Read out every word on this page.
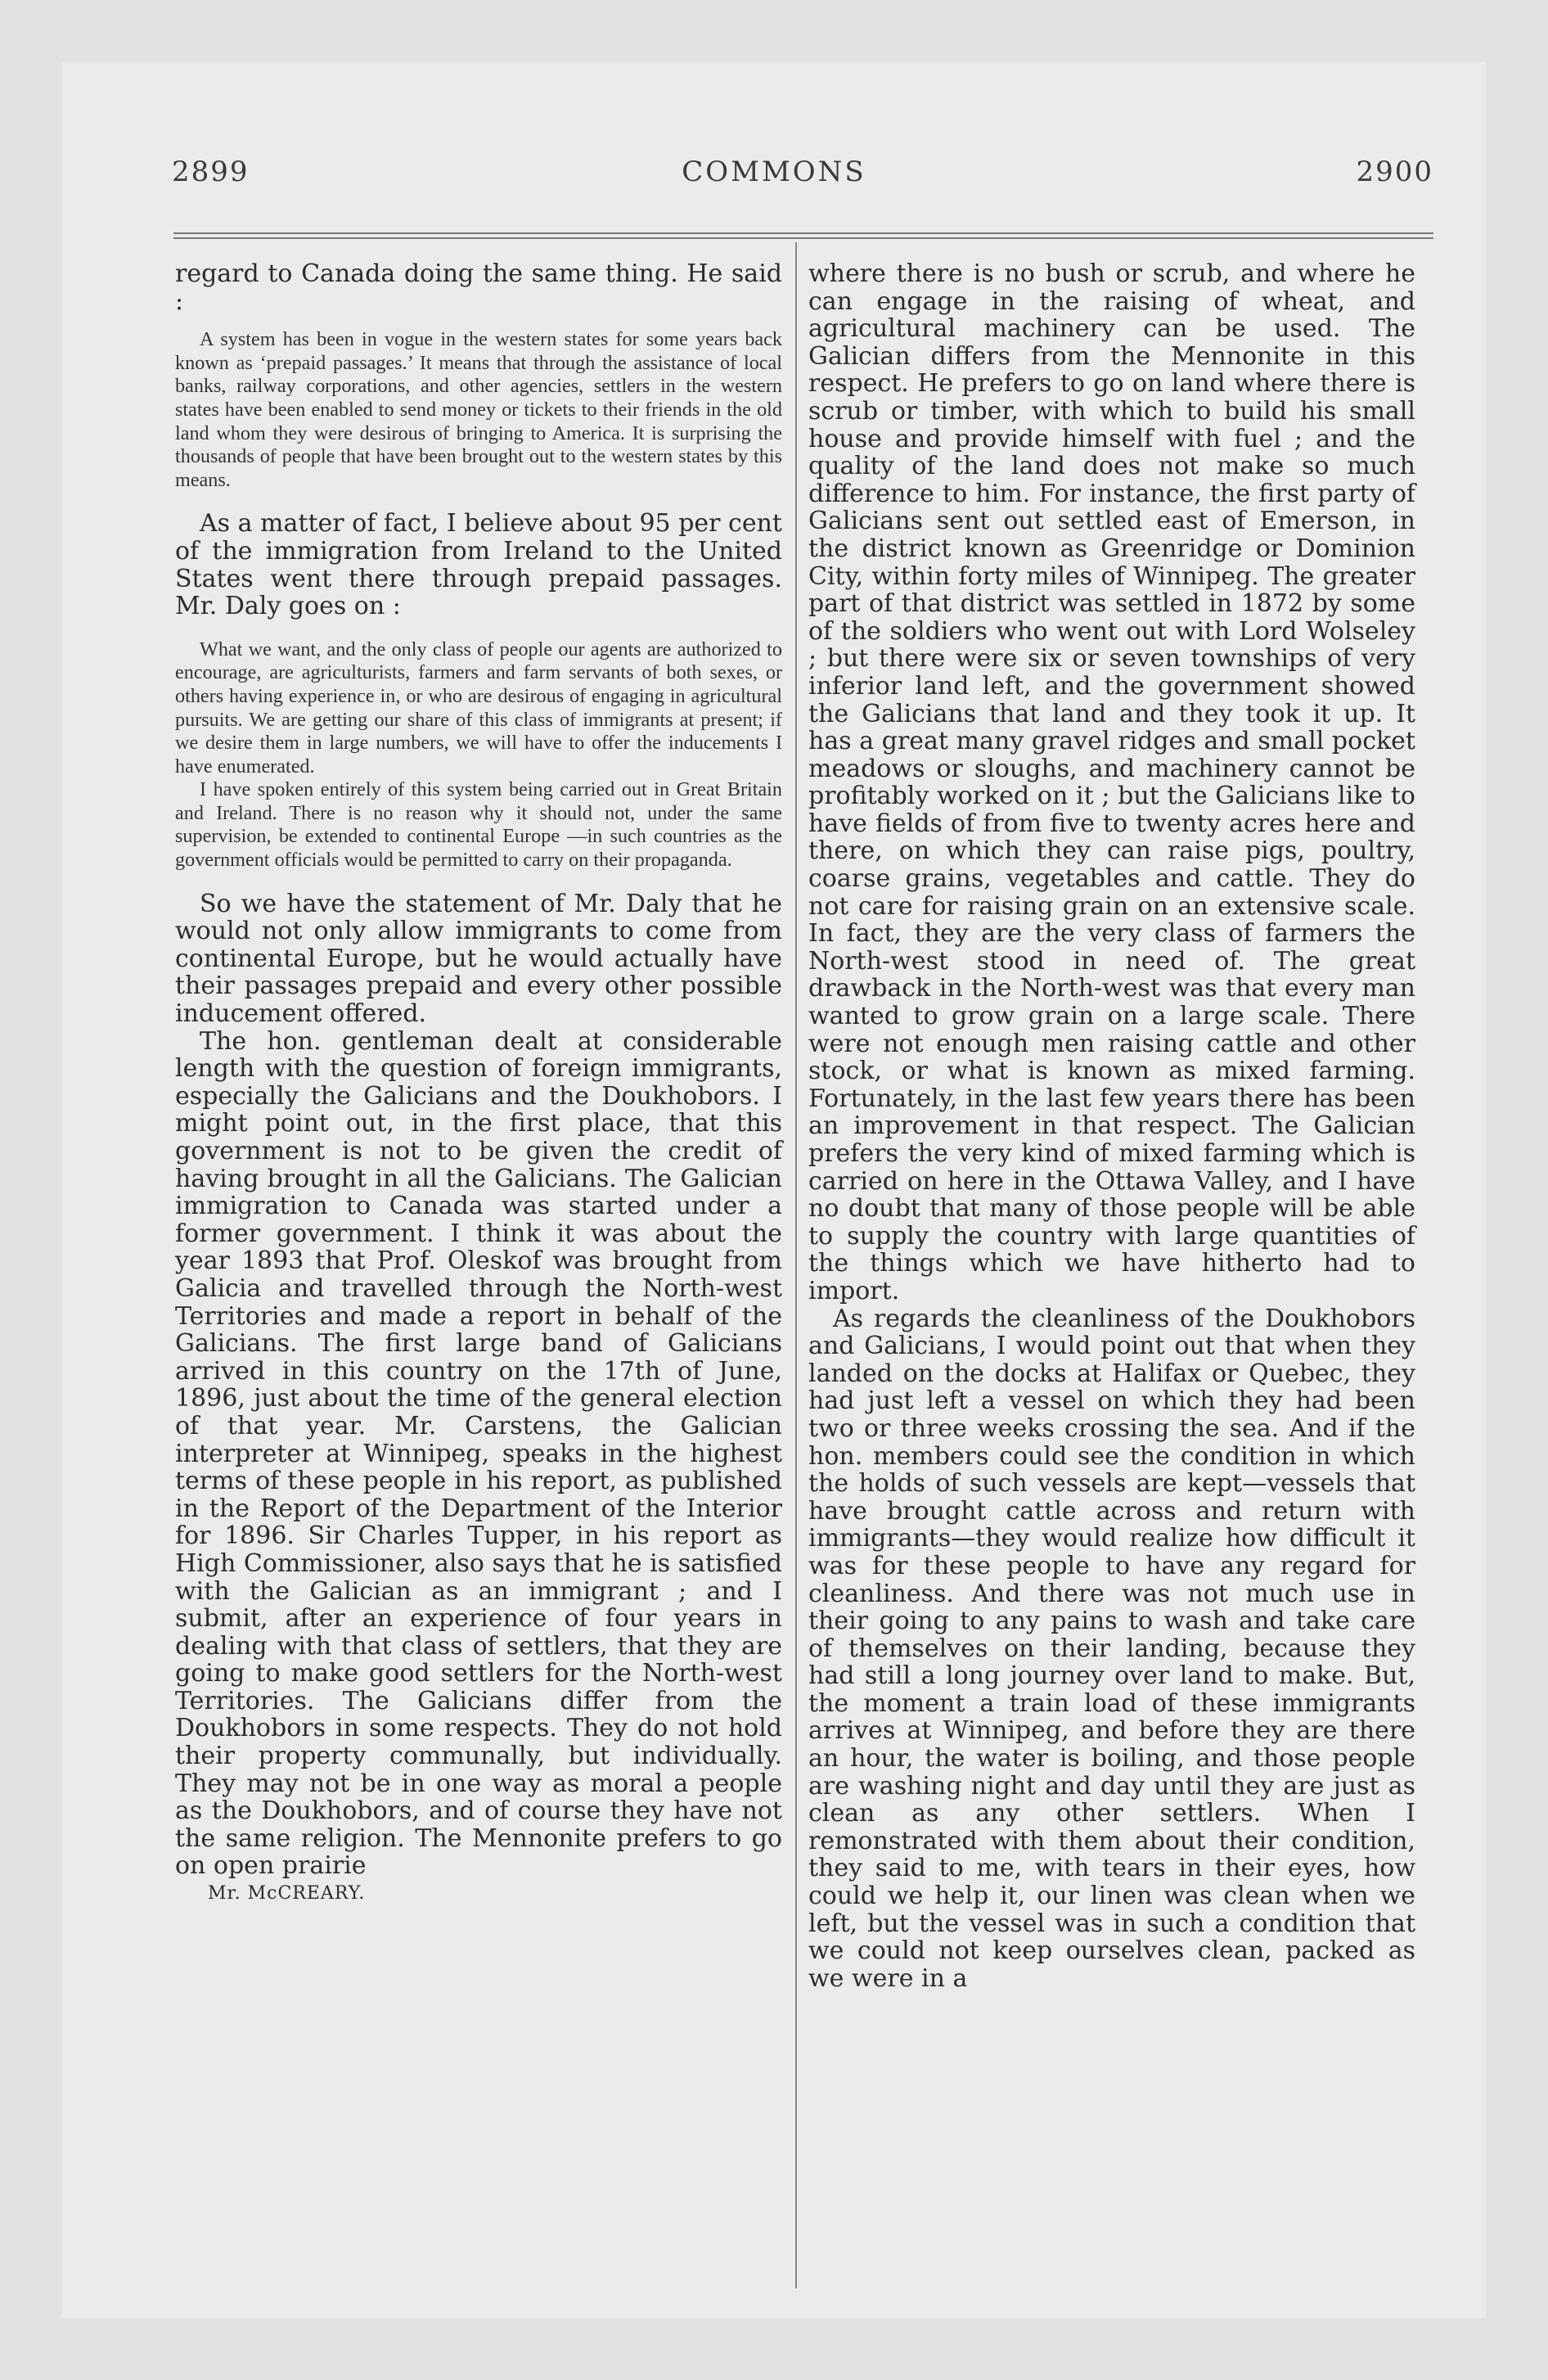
2899	COMMONS	2900

regard to Canada doing the same thing. He said :

A system has been in vogue in the western states for some years back known as ‘prepaid passages.’ It means that through the assistance of local banks, railway corporations, and other agencies, settlers in the western states have been enabled to send money or tickets to their friends in the old land whom they were desirous of bringing to America. It is surprising the thousands of people that have been brought out to the western states by this means.

As a matter of fact, I believe about 95 per cent of the immigration from Ireland to the United States went there through prepaid passages. Mr. Daly goes on :

What we want, and the only class of people our agents are authorized to encourage, are agriculturists, farmers and farm servants of both sexes, or others having experience in, or who are desirous of engaging in agricultural pursuits. We are getting our share of this class of immigrants at present; if we desire them in large numbers, we will have to offer the inducements I have enumerated.

I have spoken entirely of this system being carried out in Great Britain and Ireland. There is no reason why it should not, under the same supervision, be extended to continental Europe —in such countries as the government officials would be permitted to carry on their propaganda.

So we have the statement of Mr. Daly that he would not only allow immigrants to come from continental Europe, but he would actually have their passages prepaid and every other possible inducement offered.

The hon. gentleman dealt at considerable length with the question of foreign immigrants, especially the Galicians and the Doukhobors. I might point out, in the first place, that this government is not to be given the credit of having brought in all the Galicians. The Galician immigration to Canada was started under a former government. I think it was about the year 1893 that Prof. Oleskof was brought from Galicia and travelled through the North-west Territories and made a report in behalf of the Galicians. The first large band of Galicians arrived in this country on the 17th of June, 1896, just about the time of the general election of that year. Mr. Carstens, the Galician interpreter at Winnipeg, speaks in the highest terms of these people in his report, as published in the Report of the Department of the Interior for 1896. Sir Charles Tupper, in his report as High Commissioner, also says that he is satisfied with the Galician as an immigrant ; and I submit, after an experience of four years in dealing with that class of settlers, that they are going to make good settlers for the North-west Territories. The Galicians differ from the Doukhobors in some respects. They do not hold their property communally, but individually. They may not be in one way as moral a people as the Doukhobors, and of course they have not the same religion. The Mennonite prefers to go on open prairie

Mr. McCREARY.

where there is no bush or scrub, and where he can engage in the raising of wheat, and agricultural machinery can be used. The Galician differs from the Mennonite in this respect. He prefers to go on land where there is scrub or timber, with which to build his small house and provide himself with fuel ; and the quality of the land does not make so much difference to him. For instance, the first party of Galicians sent out settled east of Emerson, in the district known as Greenridge or Dominion City, within forty miles of Winnipeg. The greater part of that district was settled in 1872 by some of the soldiers who went out with Lord Wolseley ; but there were six or seven townships of very inferior land left, and the government showed the Galicians that land and they took it up. It has a great many gravel ridges and small pocket meadows or sloughs, and machinery cannot be profitably worked on it ; but the Galicians like to have fields of from five to twenty acres here and there, on which they can raise pigs, poultry, coarse grains, vegetables and cattle. They do not care for raising grain on an extensive scale. In fact, they are the very class of farmers the North-west stood in need of. The great drawback in the North-west was that every man wanted to grow grain on a large scale. There were not enough men raising cattle and other stock, or what is known as mixed farming. Fortunately, in the last few years there has been an improvement in that respect. The Galician prefers the very kind of mixed farming which is carried on here in the Ottawa Valley, and I have no doubt that many of those people will be able to supply the country with large quantities of the things which we have hitherto had to import.

As regards the cleanliness of the Doukhobors and Galicians, I would point out that when they landed on the docks at Halifax or Quebec, they had just left a vessel on which they had been two or three weeks crossing the sea. And if the hon. members could see the condition in which the holds of such vessels are kept—vessels that have brought cattle across and return with immigrants—they would realize how difficult it was for these people to have any regard for cleanliness. And there was not much use in their going to any pains to wash and take care of themselves on their landing, because they had still a long journey over land to make. But, the moment a train load of these immigrants arrives at Winnipeg, and before they are there an hour, the water is boiling, and those people are washing night and day until they are just as clean as any other settlers. When I remonstrated with them about their condition, they said to me, with tears in their eyes, how could we help it, our linen was clean when we left, but the vessel was in such a condition that we could not keep ourselves clean, packed as we were in a
